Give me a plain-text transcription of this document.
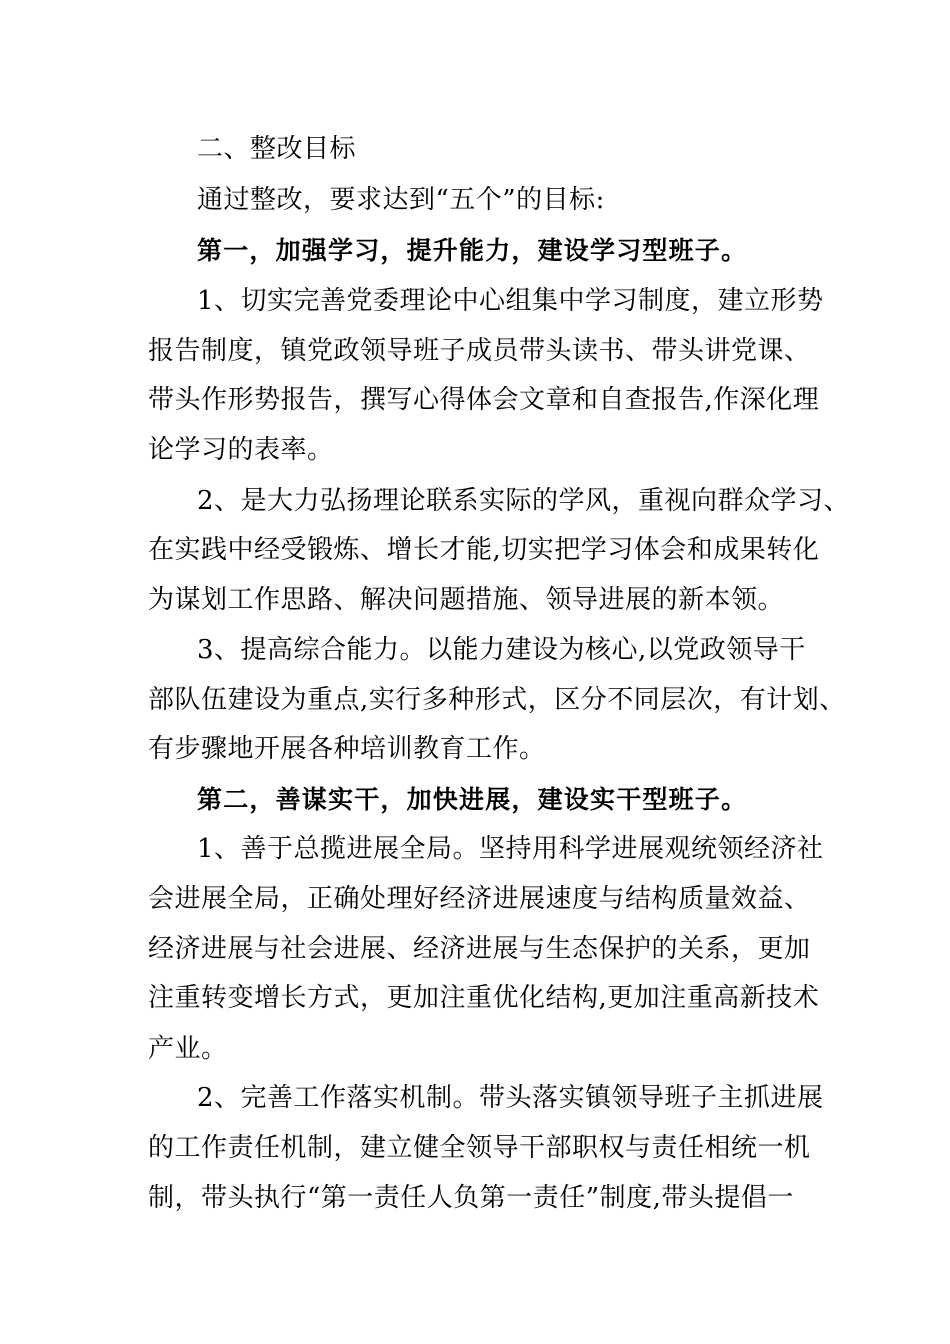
二、整改目标
通过整改，要求达到“五个”的目标:
第一，加强学习，提升能力，建设学习型班子。
1、切实完善党委理论中心组集中学习制度，建立形势
报告制度，镇党政领导班子成员带头读书、带头讲党课、
带头作形势报告，撰写心得体会文章和自查报告,作深化理
论学习的表率。
2、是大力弘扬理论联系实际的学风，重视向群众学习、
在实践中经受锻炼、增长才能,切实把学习体会和成果转化
为谋划工作思路、解决问题措施、领导进展的新本领。
3、提高综合能力。以能力建设为核心,以党政领导干
部队伍建设为重点,实行多种形式，区分不同层次，有计划、
有步骤地开展各种培训教育工作。
第二，善谋实干，加快进展，建设实干型班子。
1、善于总揽进展全局。坚持用科学进展观统领经济社
会进展全局，正确处理好经济进展速度与结构质量效益、
经济进展与社会进展、经济进展与生态保护的关系，更加
注重转变增长方式，更加注重优化结构,更加注重高新技术
产业。
2、完善工作落实机制。带头落实镇领导班子主抓进展
的工作责任机制，建立健全领导干部职权与责任相统一机
制，带头执行“第一责任人负第一责任”制度,带头提倡一
